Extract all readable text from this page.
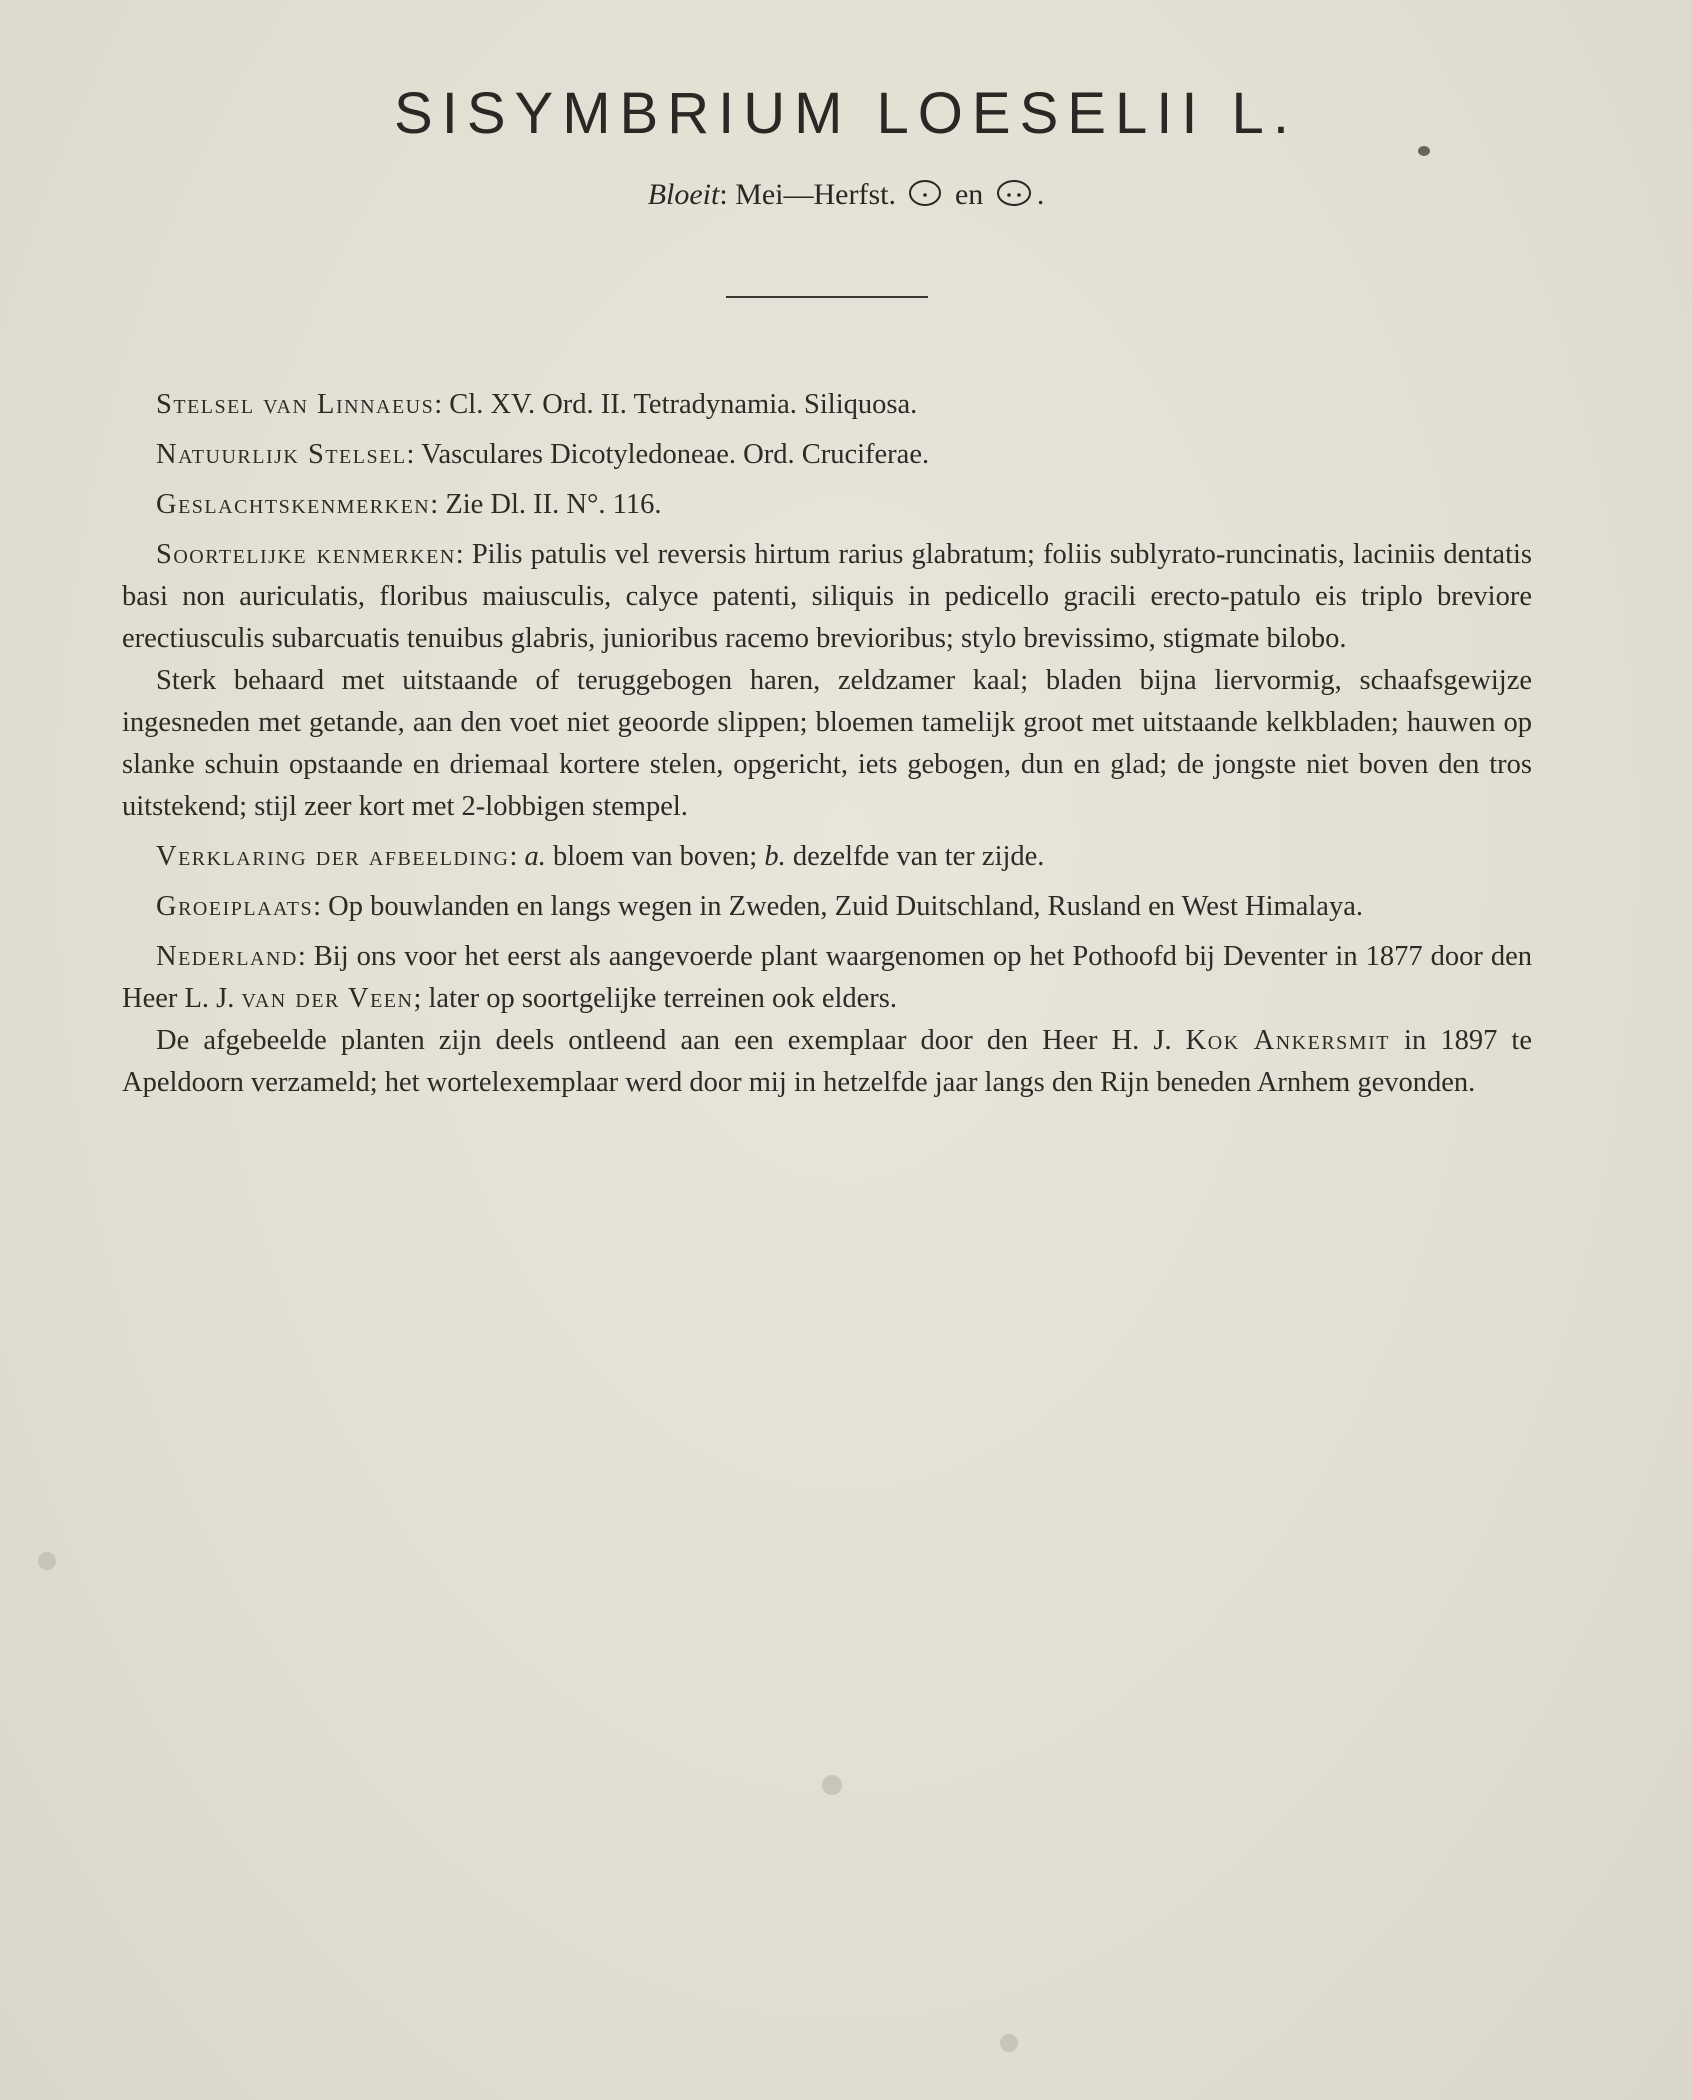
SISYMBRIUM LOESELII L.
Bloeit: Mei—Herfst. en .

Stelsel van Linnaeus: Cl. XV. Ord. II. Tetradynamia. Siliquosa.

Natuurlijk Stelsel: Vasculares Dicotyledoneae. Ord. Cruciferae.

Geslachtskenmerken: Zie Dl. II. N°. 116.

Soortelijke kenmerken: Pilis patulis vel reversis hirtum rarius glabratum; foliis sublyrato-runcinatis, laciniis dentatis basi non auriculatis, floribus maiusculis, calyce patenti, siliquis in pedicello gracili erecto-patulo eis triplo breviore erectiusculis subarcuatis tenuibus glabris, junioribus racemo brevioribus; stylo brevissimo, stigmate bilobo.

Sterk behaard met uitstaande of teruggebogen haren, zeldzamer kaal; bladen bijna liervormig, schaafsgewijze ingesneden met getande, aan den voet niet geoorde slippen; bloemen tamelijk groot met uitstaande kelkbladen; hauwen op slanke schuin opstaande en driemaal kortere stelen, opgericht, iets gebogen, dun en glad; de jongste niet boven den tros uitstekend; stijl zeer kort met 2-lobbigen stempel.

Verklaring der afbeelding: a. bloem van boven; b. dezelfde van ter zijde.

Groeiplaats: Op bouwlanden en langs wegen in Zweden, Zuid Duitschland, Rusland en West Himalaya.

Nederland: Bij ons voor het eerst als aangevoerde plant waargenomen op het Pothoofd bij Deventer in 1877 door den Heer L. J. van der Veen; later op soortgelijke terreinen ook elders.

De afgebeelde planten zijn deels ontleend aan een exemplaar door den Heer H. J. Kok Ankersmit in 1897 te Apeldoorn verzameld; het wortelexemplaar werd door mij in hetzelfde jaar langs den Rijn beneden Arnhem gevonden.
